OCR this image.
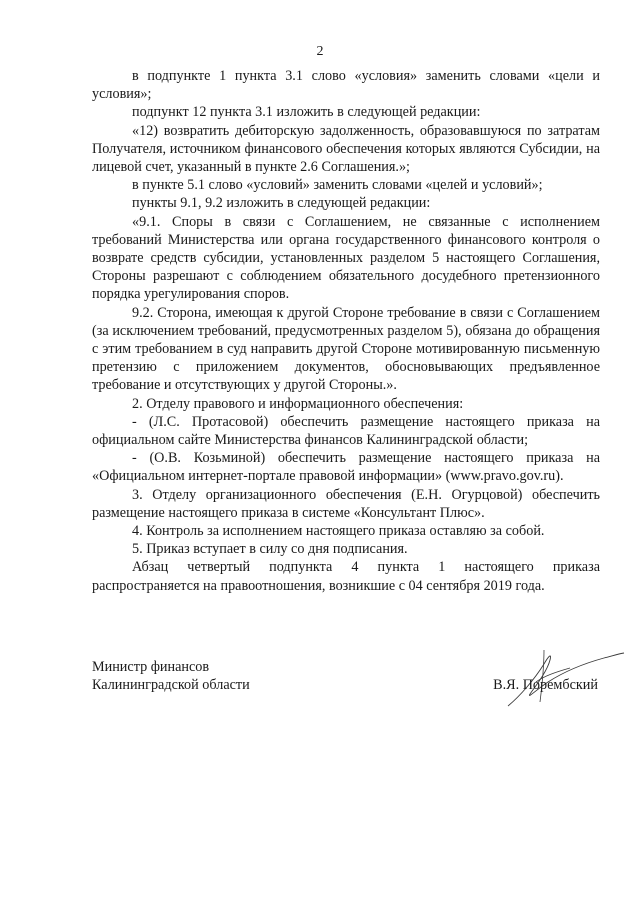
2

в подпункте 1 пункта 3.1 слово «условия» заменить словами «цели и условия»;

подпункт 12 пункта 3.1 изложить в следующей редакции:

«12) возвратить дебиторскую задолженность, образовавшуюся по затратам Получателя, источником финансового обеспечения которых являются Субсидии, на лицевой счет, указанный в пункте 2.6 Соглашения.»;

в пункте 5.1 слово «условий» заменить словами «целей и условий»;

пункты 9.1, 9.2 изложить в следующей редакции:

«9.1. Споры в связи с Соглашением, не связанные с исполнением требований Министерства или органа государственного финансового контроля о возврате средств субсидии, установленных разделом 5 настоящего Соглашения, Стороны разрешают с соблюдением обязательного досудебного претензионного порядка урегулирования споров.

9.2. Сторона, имеющая к другой Стороне требование в связи с Соглашением (за исключением требований, предусмотренных разделом 5), обязана до обращения с этим требованием в суд направить другой Стороне мотивированную письменную претензию с приложением документов, обосновывающих предъявленное требование и отсутствующих у другой Стороны.».

2. Отделу правового и информационного обеспечения:

- (Л.С. Протасовой) обеспечить размещение настоящего приказа на официальном сайте Министерства финансов Калининградской области;

- (О.В. Козьминой) обеспечить размещение настоящего приказа на «Официальном интернет-портале правовой информации» (www.pravo.gov.ru).

3. Отделу организационного обеспечения (Е.Н. Огурцовой) обеспечить размещение настоящего приказа в системе «Консультант Плюс».

4. Контроль за исполнением настоящего приказа оставляю за собой.

5. Приказ вступает в силу со дня подписания.

Абзац четвертый подпункта 4 пункта 1 настоящего приказа распространяется на правоотношения, возникшие с 04 сентября 2019 года.

Министр финансов
Калининградской области	В.Я. Порембский
